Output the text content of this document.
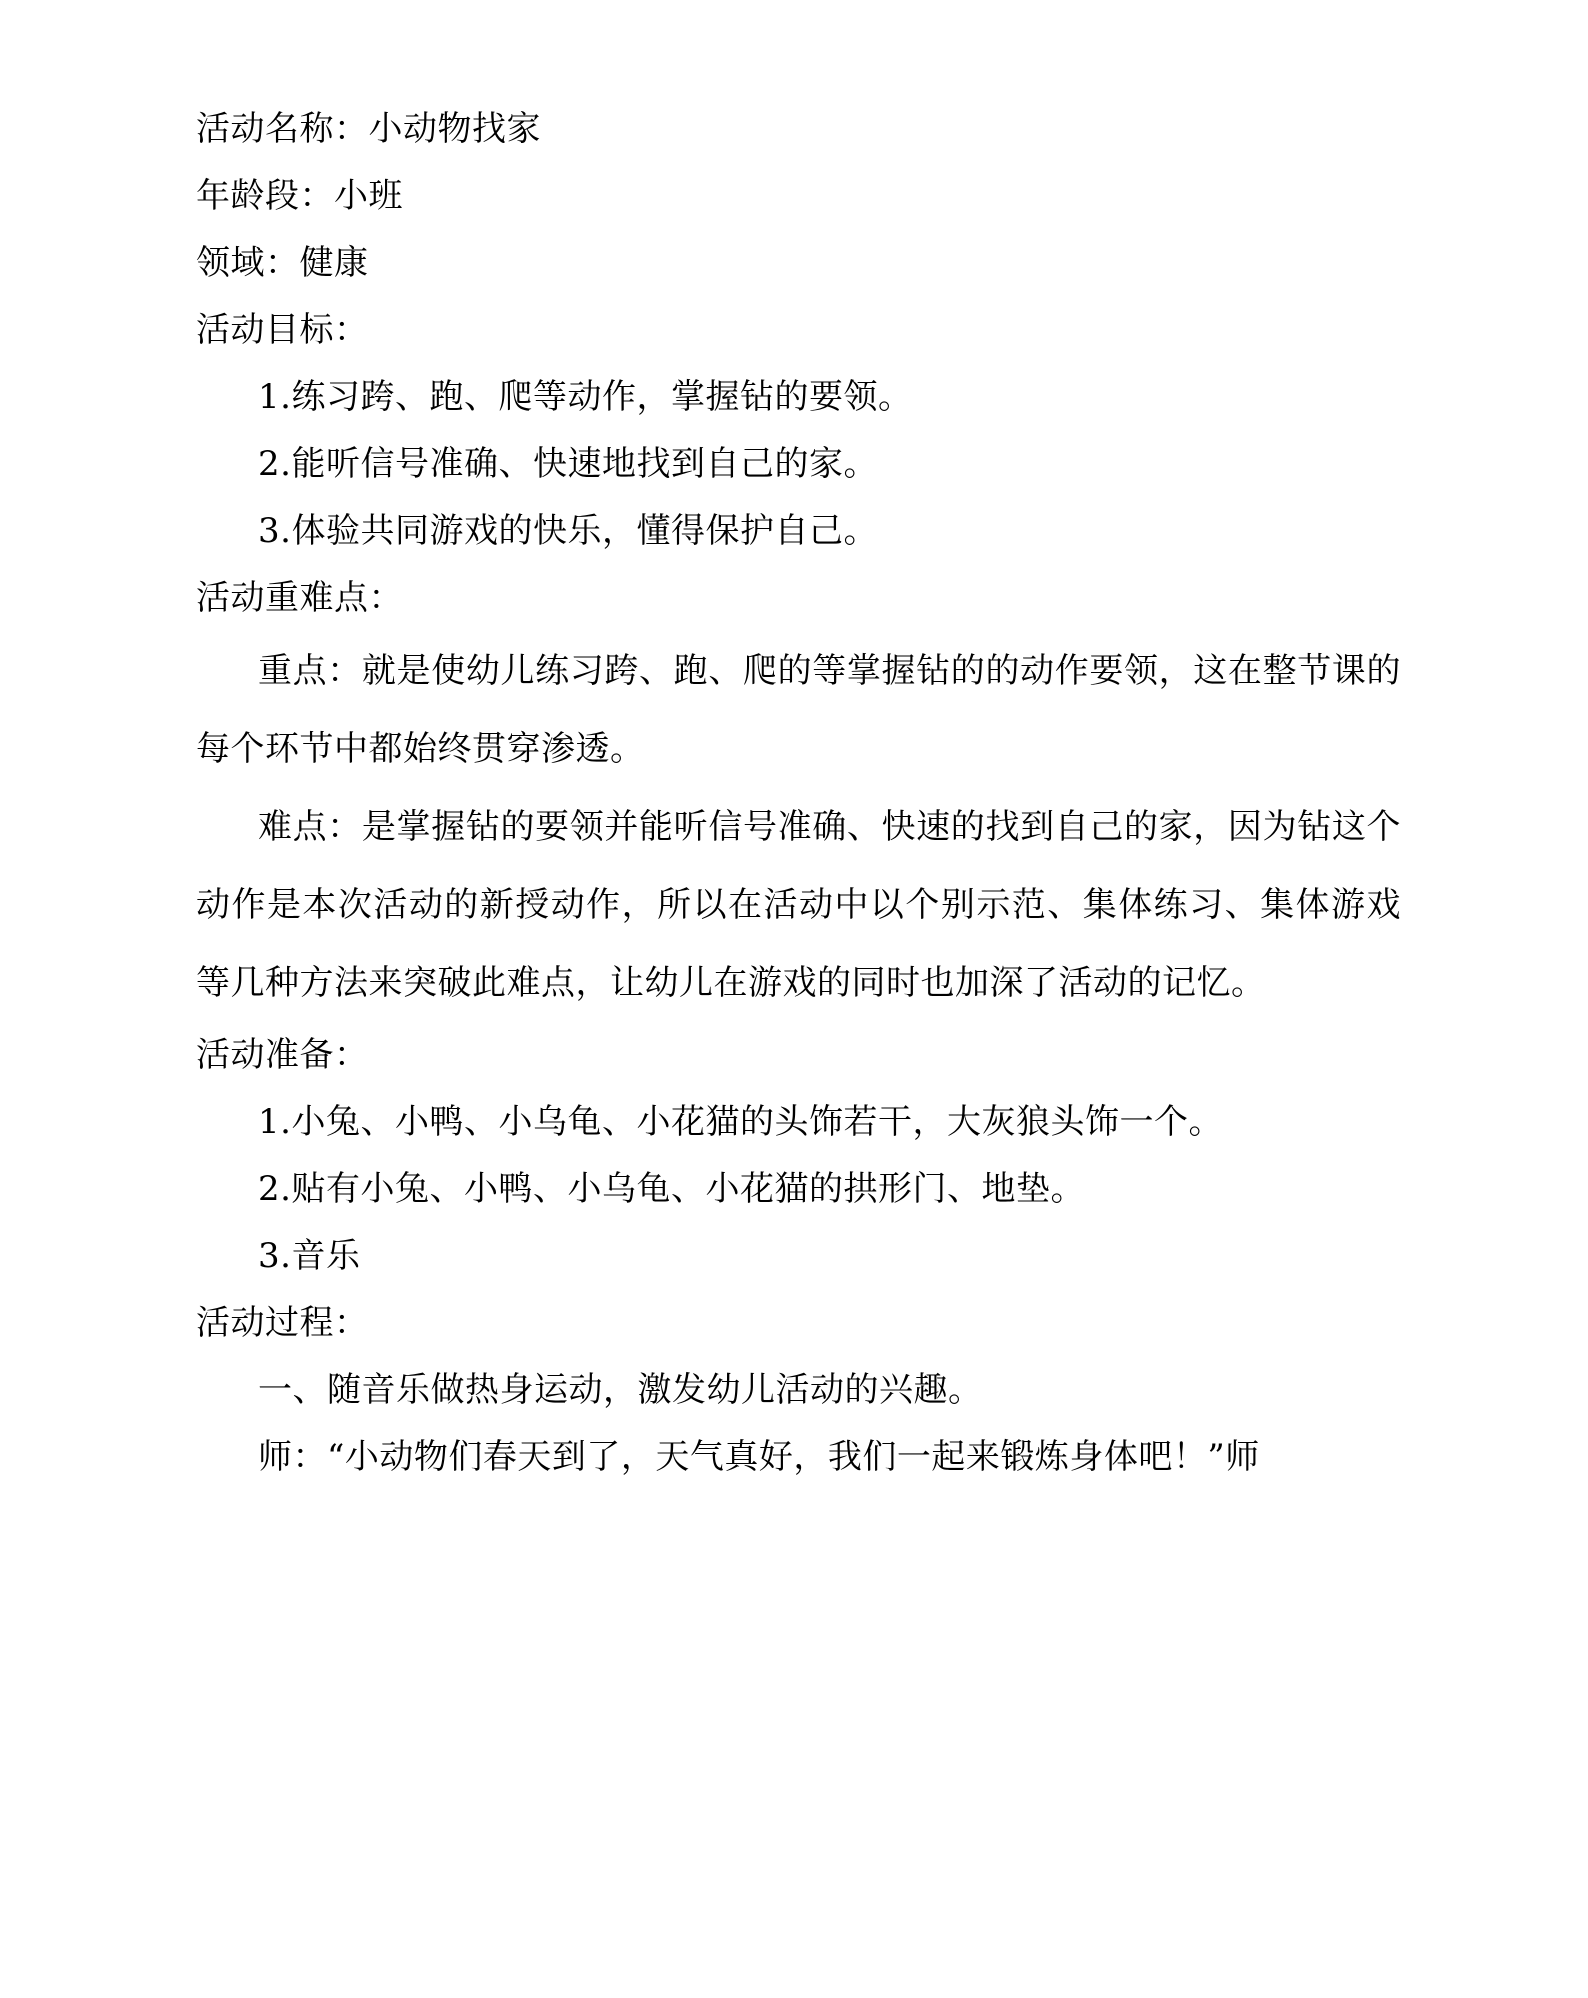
活动名称：小动物找家

年龄段：小班

领域：健康

活动目标：

1.练习跨、跑、爬等动作，掌握钻的要领。

2.能听信号准确、快速地找到自己的家。

3.体验共同游戏的快乐，懂得保护自己。

活动重难点：

重点：就是使幼儿练习跨、跑、爬的等掌握钻的的动作要领，这在整节课的每个环节中都始终贯穿渗透。

难点：是掌握钻的要领并能听信号准确、快速的找到自己的家，因为钻这个动作是本次活动的新授动作，所以在活动中以个别示范、集体练习、集体游戏等几种方法来突破此难点，让幼儿在游戏的同时也加深了活动的记忆。

活动准备：

1.小兔、小鸭、小乌龟、小花猫的头饰若干，大灰狼头饰一个。

2.贴有小兔、小鸭、小乌龟、小花猫的拱形门、地垫。

3.音乐

活动过程：

一、随音乐做热身运动，激发幼儿活动的兴趣。

师：“小动物们春天到了，天气真好，我们一起来锻炼身体吧！”师
